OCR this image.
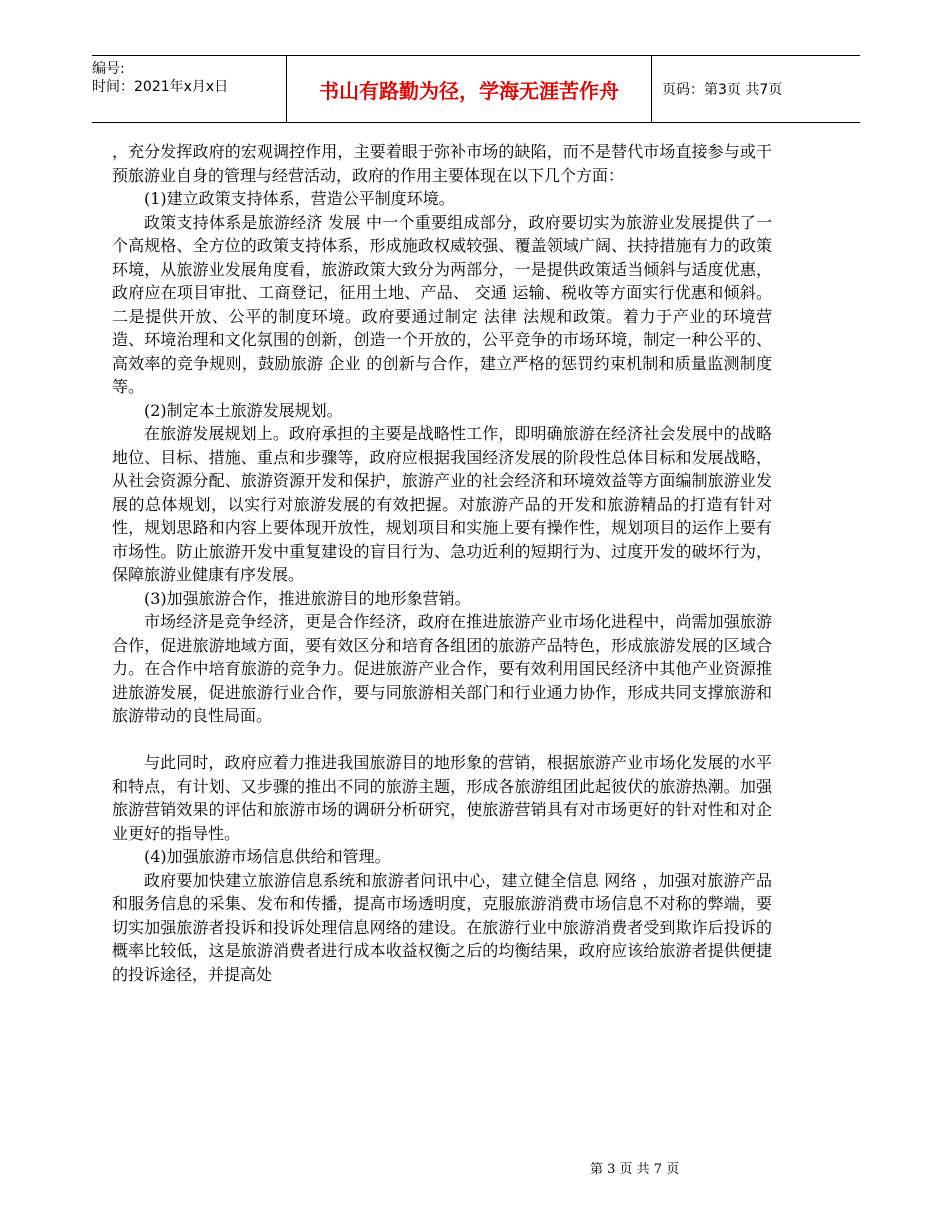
编号:
时间：2021年x月x日	书山有路勤为径，学海无涯苦作舟	页码：第3页 共7页

，充分发挥政府的宏观调控作用，主要着眼于弥补市场的缺陷，而不是替代市场直接参与或干预旅游业自身的管理与经营活动，政府的作用主要体现在以下几个方面：

(1)建立政策支持体系，营造公平制度环境。

政策支持体系是旅游经济 发展 中一个重要组成部分，政府要切实为旅游业发展提供了一个高规格、全方位的政策支持体系，形成施政权威较强、覆盖领域广阔、扶持措施有力的政策环境，从旅游业发展角度看，旅游政策大致分为两部分，一是提供政策适当倾斜与适度优惠，政府应在项目审批、工商登记，征用土地、产品、 交通 运输、税收等方面实行优惠和倾斜。二是提供开放、公平的制度环境。政府要通过制定 法律 法规和政策。着力于产业的环境营造、环境治理和文化氛围的创新，创造一个开放的，公平竞争的市场环境，制定一种公平的、高效率的竞争规则，鼓励旅游 企业 的创新与合作，建立严格的惩罚约束机制和质量监测制度等。

(2)制定本土旅游发展规划。

在旅游发展规划上。政府承担的主要是战略性工作，即明确旅游在经济社会发展中的战略地位、目标、措施、重点和步骤等，政府应根据我国经济发展的阶段性总体目标和发展战略，从社会资源分配、旅游资源开发和保护，旅游产业的社会经济和环境效益等方面编制旅游业发展的总体规划，以实行对旅游发展的有效把握。对旅游产品的开发和旅游精品的打造有针对性，规划思路和内容上要体现开放性，规划项目和实施上要有操作性，规划项目的运作上要有市场性。防止旅游开发中重复建设的盲目行为、急功近利的短期行为、过度开发的破坏行为，保障旅游业健康有序发展。

(3)加强旅游合作，推进旅游目的地形象营销。

市场经济是竞争经济，更是合作经济，政府在推进旅游产业市场化进程中，尚需加强旅游合作，促进旅游地域方面，要有效区分和培育各组团的旅游产品特色，形成旅游发展的区域合力。在合作中培育旅游的竞争力。促进旅游产业合作，要有效利用国民经济中其他产业资源推进旅游发展，促进旅游行业合作，要与同旅游相关部门和行业通力协作，形成共同支撑旅游和旅游带动的良性局面。

与此同时，政府应着力推进我国旅游目的地形象的营销，根据旅游产业市场化发展的水平和特点，有计划、又步骤的推出不同的旅游主题，形成各旅游组团此起彼伏的旅游热潮。加强旅游营销效果的评估和旅游市场的调研分析研究，使旅游营销具有对市场更好的针对性和对企业更好的指导性。

(4)加强旅游市场信息供给和管理。

政府要加快建立旅游信息系统和旅游者问讯中心，建立健全信息 网络 ，加强对旅游产品和服务信息的采集、发布和传播，提高市场透明度，克服旅游消费市场信息不对称的弊端，要切实加强旅游者投诉和投诉处理信息网络的建设。在旅游行业中旅游消费者受到欺诈后投诉的概率比较低，这是旅游消费者进行成本收益权衡之后的均衡结果，政府应该给旅游者提供便捷的投诉途径，并提高处

第 3 页 共 7 页
